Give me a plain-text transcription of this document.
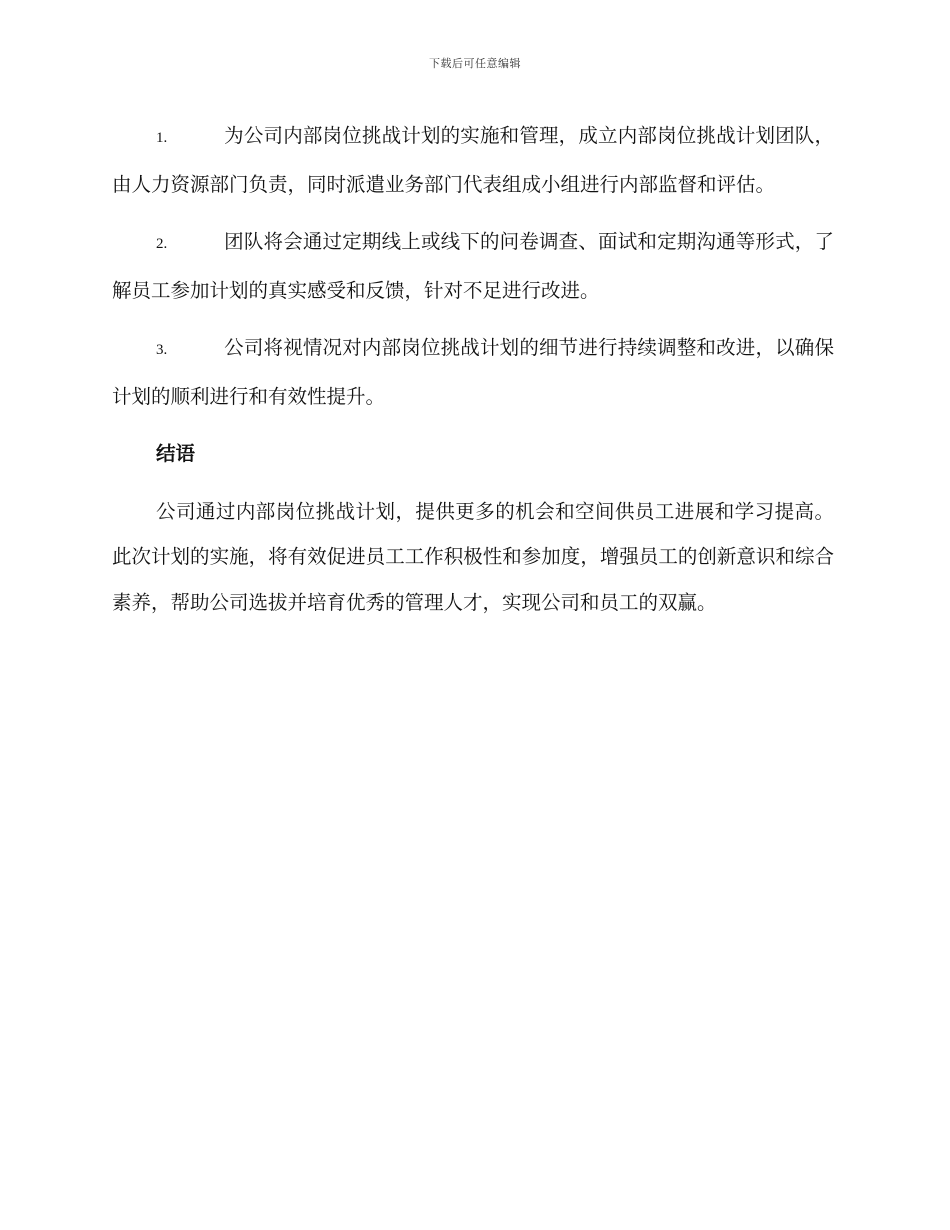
下载后可任意编辑

1.	为公司内部岗位挑战计划的实施和管理，成立内部岗位挑战计划团队，由人力资源部门负责，同时派遣业务部门代表组成小组进行内部监督和评估。

2.	团队将会通过定期线上或线下的问卷调查、面试和定期沟通等形式，了解员工参加计划的真实感受和反馈，针对不足进行改进。

3.	公司将视情况对内部岗位挑战计划的细节进行持续调整和改进，以确保计划的顺利进行和有效性提升。

结语

公司通过内部岗位挑战计划，提供更多的机会和空间供员工进展和学习提高。此次计划的实施，将有效促进员工工作积极性和参加度，增强员工的创新意识和综合素养，帮助公司选拔并培育优秀的管理人才，实现公司和员工的双赢。
